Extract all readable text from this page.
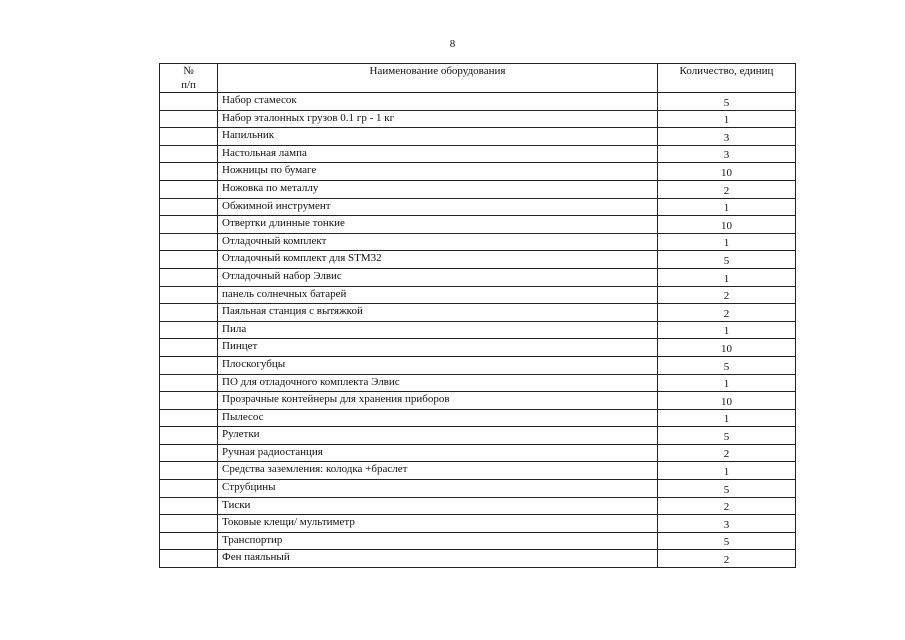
8
№
п/п	Наименование оборудования	Количество, единиц
	Набор стамесок	5
	Набор эталонных грузов 0.1 гр - 1 кг	1
	Напильник	3
	Настольная лампа	3
	Ножницы по бумаге	10
	Ножовка по металлу	2
	Обжимной инструмент	1
	Отвертки длинные тонкие	10
	Отладочный комплект	1
	Отладочный комплект для STM32	5
	Отладочный набор Элвис	1
	панель солнечных батарей	2
	Паяльная станция с вытяжкой	2
	Пила	1
	Пинцет	10
	Плоскогубцы	5
	ПО для отладочного комплекта Элвис	1
	Прозрачные контейнеры для хранения приборов	10
	Пылесос	1
	Рулетки	5
	Ручная радиостанция	2
	Средства заземления: колодка +браслет	1
	Струбцины	5
	Тиски	2
	Токовые клещи/ мультиметр	3
	Транспортир	5
	Фен паяльный	2
